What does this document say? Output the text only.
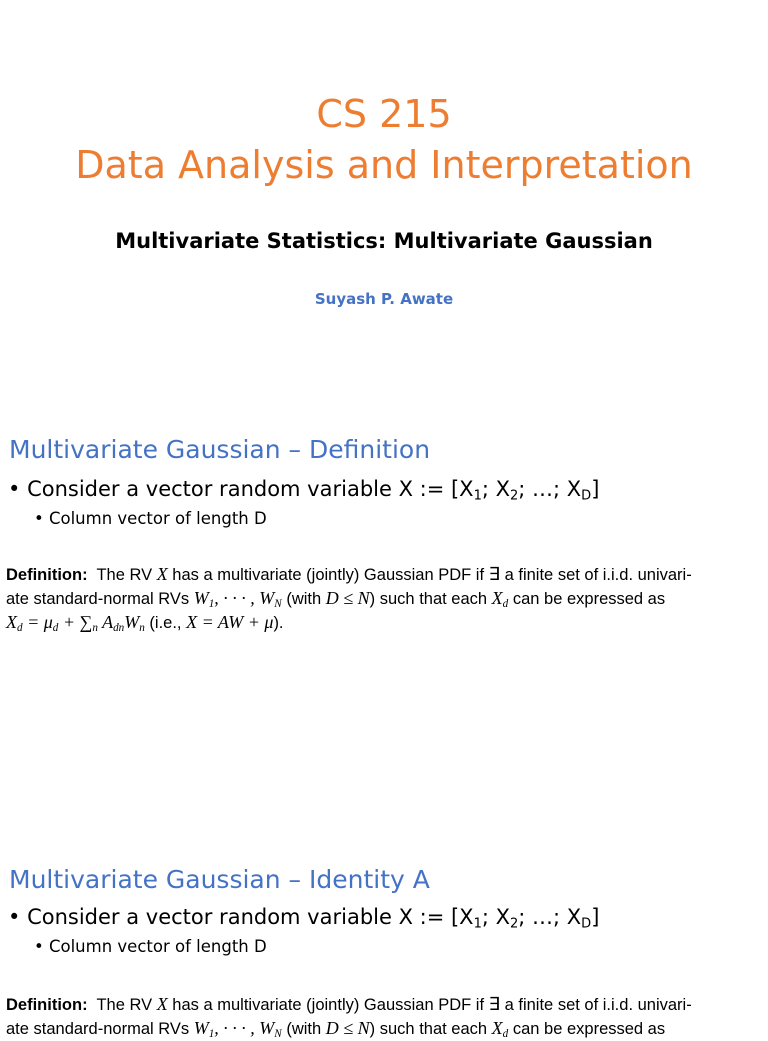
CS 215
Data Analysis and Interpretation
Multivariate Statistics: Multivariate Gaussian
Suyash P. Awate
Multivariate Gaussian – Definition
• Consider a vector random variable X := [$X_1$; $X_2$; …; $X_D$]
• Column vector of length D
Definition: The RV X has a multivariate (jointly) Gaussian PDF if ∃ a finite set of i.i.d. univari-
ate standard-normal RVs $W_1$, · · · , $W_N$ (with D ≤ N) such that each $X_d$ can be expressed as
$X_d = \mu_d + \sum_n$ $A_{dn}W_n$ (i.e., X = AW + μ).
Multivariate Gaussian – Identity A
• Consider a vector random variable X := [$X_1$; $X_2$; …; $X_D$]
• Column vector of length D
Definition: The RV X has a multivariate (jointly) Gaussian PDF if ∃ a finite set of i.i.d. univari-
ate standard-normal RVs $W_1$, · · · , $W_N$ (with D ≤ N) such that each $X_d$ can be expressed as
